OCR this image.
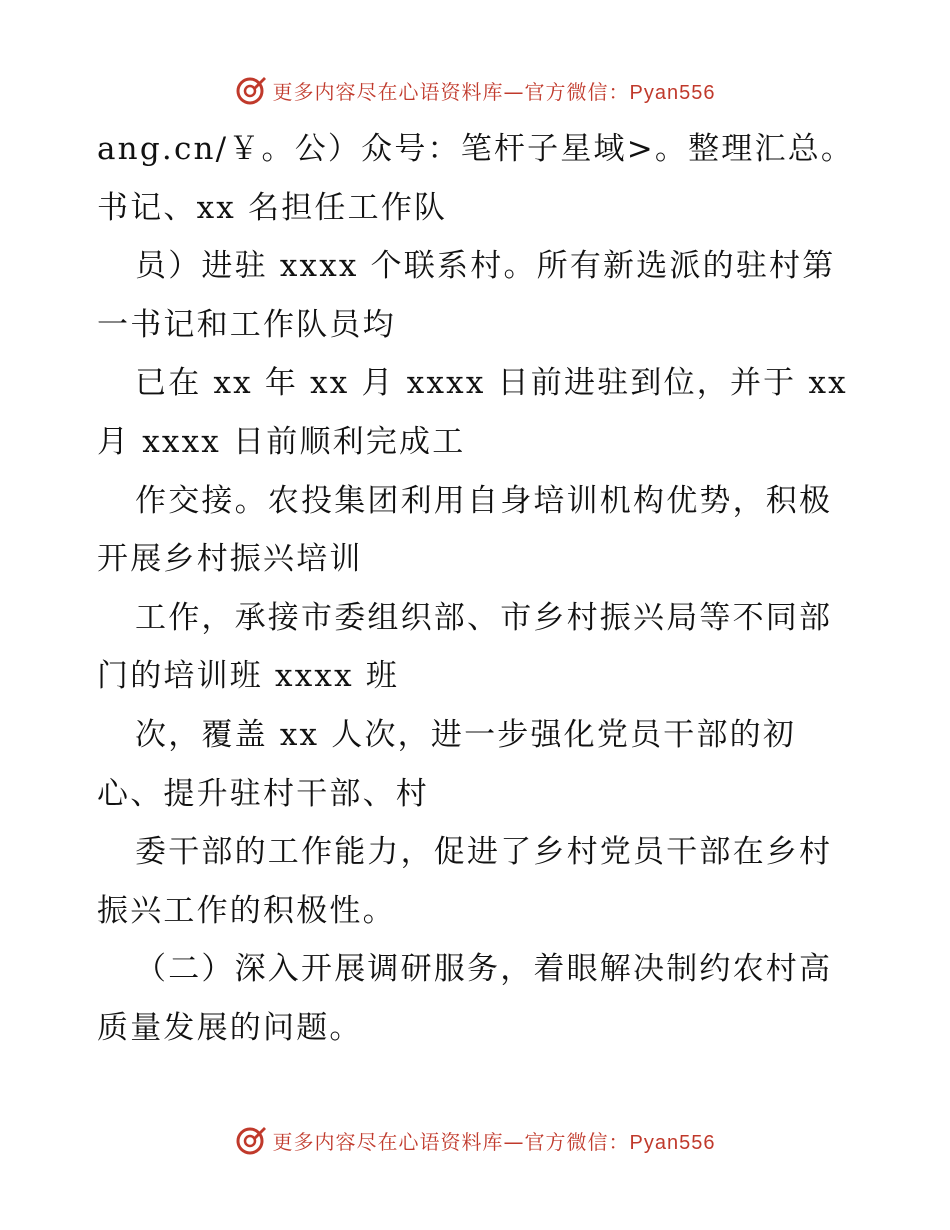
更多内容尽在心语资料库—官方微信：Pyan556
ang.cn/￥。公）众号：笔杆子星域>。整理汇总。
书记、xx 名担任工作队
员）进驻 xxxx 个联系村。所有新选派的驻村第
一书记和工作队员均
已在 xx 年 xx 月 xxxx 日前进驻到位，并于 xx
月 xxxx 日前顺利完成工
作交接。农投集团利用自身培训机构优势，积极
开展乡村振兴培训
工作，承接市委组织部、市乡村振兴局等不同部
门的培训班 xxxx 班
次，覆盖 xx 人次，进一步强化党员干部的初
心、提升驻村干部、村
委干部的工作能力，促进了乡村党员干部在乡村
振兴工作的积极性。
（二）深入开展调研服务，着眼解决制约农村高
质量发展的问题。
更多内容尽在心语资料库—官方微信：Pyan556
